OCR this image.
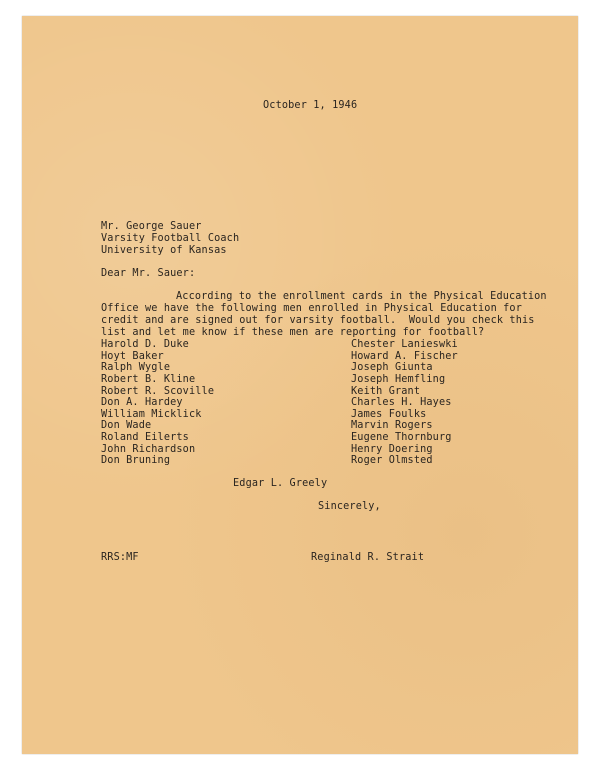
October 1, 1946
Mr. George Sauer
Varsity Football Coach
University of Kansas
Dear Mr. Sauer:
According to the enrollment cards in the Physical Education
Office we have the following men enrolled in Physical Education for
credit and are signed out for varsity football.  Would you check this
list and let me know if these men are reporting for football?
Harold D. Duke
Hoyt Baker
Ralph Wygle
Robert B. Kline
Robert R. Scoville
Don A. Hardey
William Micklick
Don Wade
Roland Eilerts
John Richardson
Don Bruning
Chester Lanieswki
Howard A. Fischer
Joseph Giunta
Joseph Hemfling
Keith Grant
Charles H. Hayes
James Foulks
Marvin Rogers
Eugene Thornburg
Henry Doering
Roger Olmsted
Edgar L. Greely
Sincerely,
RRS:MF	Reginald R. Strait
